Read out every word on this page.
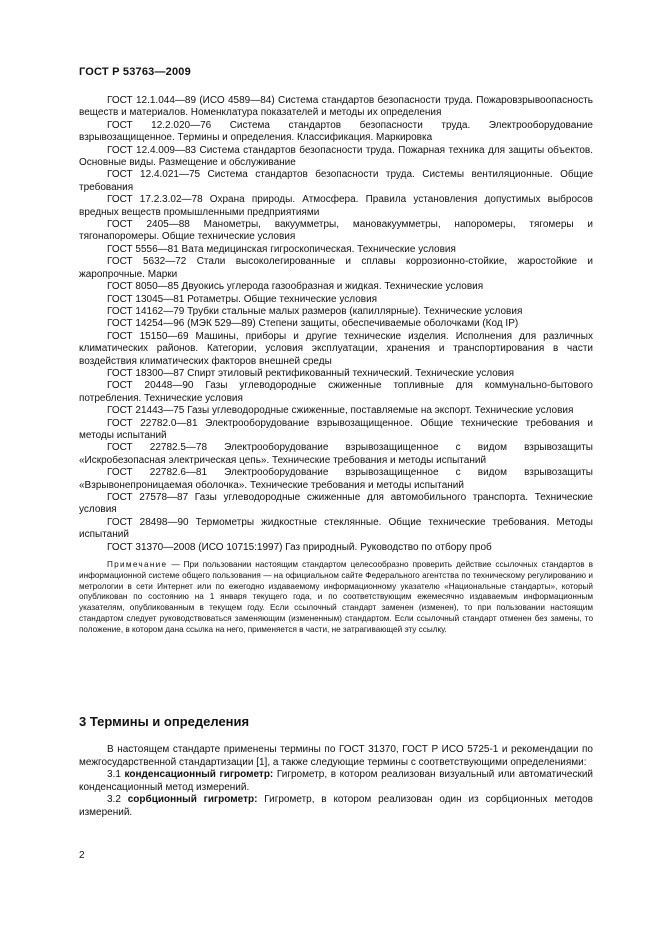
ГОСТ Р 53763—2009

ГОСТ 12.1.044—89 (ИСО 4589—84) Система стандартов безопасности труда. Пожаровзрывоопасность веществ и материалов. Номенклатура показателей и методы их определения

ГОСТ 12.2.020—76 Система стандартов безопасности труда. Электрооборудование взрывозащищенное. Термины и определения. Классификация. Маркировка

ГОСТ 12.4.009—83 Система стандартов безопасности труда. Пожарная техника для защиты объектов. Основные виды. Размещение и обслуживание

ГОСТ 12.4.021—75 Система стандартов безопасности труда. Системы вентиляционные. Общие требования

ГОСТ 17.2.3.02—78 Охрана природы. Атмосфера. Правила установления допустимых выбросов вредных веществ промышленными предприятиями

ГОСТ 2405—88 Манометры, вакуумметры, мановакуумметры, напоромеры, тягомеры и тягонапоромеры. Общие технические условия

ГОСТ 5556—81 Вата медицинская гигроскопическая. Технические условия

ГОСТ 5632—72 Стали высоколегированные и сплавы коррозионно-стойкие, жаростойкие и жаропрочные. Марки

ГОСТ 8050—85 Двуокись углерода газообразная и жидкая. Технические условия

ГОСТ 13045—81 Ротаметры. Общие технические условия

ГОСТ 14162—79 Трубки стальные малых размеров (капиллярные). Технические условия

ГОСТ 14254—96 (МЭК 529—89) Степени защиты, обеспечиваемые оболочками (Код IP)

ГОСТ 15150—69 Машины, приборы и другие технические изделия. Исполнения для различных климатических районов. Категории, условия эксплуатации, хранения и транспортирования в части воздействия климатических факторов внешней среды

ГОСТ 18300—87 Спирт этиловый ректификованный технический. Технические условия

ГОСТ 20448—90 Газы углеводородные сжиженные топливные для коммунально-бытового потребления. Технические условия

ГОСТ 21443—75 Газы углеводородные сжиженные, поставляемые на экспорт. Технические условия

ГОСТ 22782.0—81 Электрооборудование взрывозащищенное. Общие технические требования и методы испытаний

ГОСТ 22782.5—78 Электрооборудование взрывозащищенное с видом взрывозащиты «Искробезопасная электрическая цепь». Технические требования и методы испытаний

ГОСТ 22782.6—81 Электрооборудование взрывозащищенное с видом взрывозащиты «Взрывонепроницаемая оболочка». Технические требования и методы испытаний

ГОСТ 27578—87 Газы углеводородные сжиженные для автомобильного транспорта. Технические условия

ГОСТ 28498—90 Термометры жидкостные стеклянные. Общие технические требования. Методы испытаний

ГОСТ 31370—2008 (ИСО 10715:1997) Газ природный. Руководство по отбору проб

Примечание — При пользовании настоящим стандартом целесообразно проверить действие ссылочных стандартов в информационной системе общего пользования — на официальном сайте Федерального агентства по техническому регулированию и метрологии в сети Интернет или по ежегодно издаваемому информационному указателю «Национальные стандарты», который опубликован по состоянию на 1 января текущего года, и по соответствующим ежемесячно издаваемым информационным указателям, опубликованным в текущем году. Если ссылочный стандарт заменен (изменен), то при пользовании настоящим стандартом следует руководствоваться заменяющим (измененным) стандартом. Если ссылочный стандарт отменен без замены, то положение, в котором дана ссылка на него, применяется в части, не затрагивающей эту ссылку.

3 Термины и определения

В настоящем стандарте применены термины по ГОСТ 31370, ГОСТ Р ИСО 5725-1 и рекомендации по межгосударственной стандартизации [1], а также следующие термины с соответствующими определениями:

3.1 конденсационный гигрометр: Гигрометр, в котором реализован визуальный или автоматический конденсационный метод измерений.

3.2 сорбционный гигрометр: Гигрометр, в котором реализован один из сорбционных методов измерений.

2
